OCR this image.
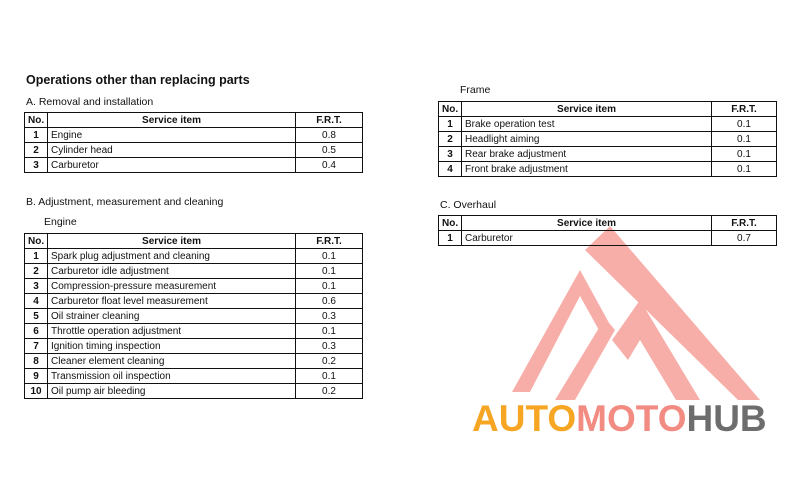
AUTOMOTOHUB
Operations other than replacing parts
A. Removal and installation
No.	Service item	F.R.T.
1	Engine	0.8
2	Cylinder head	0.5
3	Carburetor	0.4
B. Adjustment, measurement and cleaning
Engine
No.	Service item	F.R.T.
1	Spark plug adjustment and cleaning	0.1
2	Carburetor idle adjustment	0.1
3	Compression-pressure measurement	0.1
4	Carburetor float level measurement	0.6
5	Oil strainer cleaning	0.3
6	Throttle operation adjustment	0.1
7	Ignition timing inspection	0.3
8	Cleaner element cleaning	0.2
9	Transmission oil inspection	0.1
10	Oil pump air bleeding	0.2
Frame
No.	Service item	F.R.T.
1	Brake operation test	0.1
2	Headlight aiming	0.1
3	Rear brake adjustment	0.1
4	Front brake adjustment	0.1
C. Overhaul
No.	Service item	F.R.T.
1	Carburetor	0.7
